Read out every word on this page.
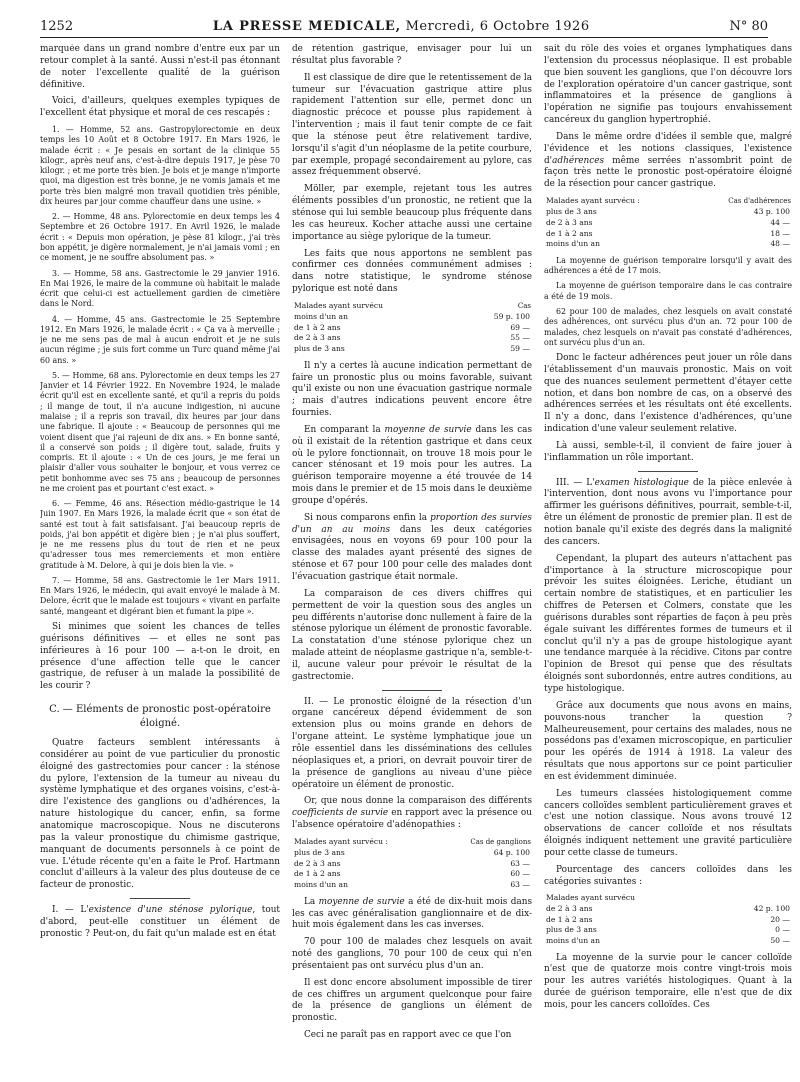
1252	LA PRESSE MEDICALE, Mercredi, 6 Octobre 1926	N° 80

marquée dans un grand nombre d'entre eux par un retour complet à la santé. Aussi n'est-il pas étonnant de noter l'excellente qualité de la guérison définitive.

Voici, d'ailleurs, quelques exemples typiques de l'excellent état physique et moral de ces rescapés :

1. — Homme, 52 ans. Gastropylorectomie en deux temps les 10 Août et 8 Octobre 1917. En Mars 1926, le malade écrit : « Je pesais en sortant de la clinique 55 kilogr., après neuf ans, c'est-à-dire depuis 1917, je pèse 70 kilogr. ; et me porte très bien. Je bois et je mange n'importe quoi, ma digestion est très bonne, je ne vomis jamais et me porte très bien malgré mon travail quotidien très pénible, dix heures par jour comme chauffeur dans une usine. »

2. — Homme, 48 ans. Pylorectomie en deux temps les 4 Septembre et 26 Octobre 1917. En Avril 1926, le malade écrit : « Depuis mon opération, je pèse 81 kilogr., j'ai très bon appétit, je digère normalement, je n'ai jamais vomi ; en ce moment, je ne souffre absolument pas. »

3. — Homme, 58 ans. Gastrectomie le 29 janvier 1916. En Mai 1926, le maire de la commune où habitait le malade écrit que celui-ci est actuellement gardien de cimetière dans le Nord.

4. — Homme, 45 ans. Gastrectomie le 25 Septembre 1912. En Mars 1926, le malade écrit : « Ça va à merveille ; je ne me sens pas de mal à aucun endroit et je ne suis aucun régime ; je suis fort comme un Turc quand même j'ai 60 ans. »

5. — Homme, 68 ans. Pylorectomie en deux temps les 27 Janvier et 14 Février 1922. En Novembre 1924, le malade écrit qu'il est en excellente santé, et qu'il a repris du poids ; il mange de tout, il n'a aucune indigestion, ni aucune malaise ; il a repris son travail, dix heures par jour dans une fabrique. Il ajoute : « Beaucoup de personnes qui me voient disent que j'ai rajeuni de dix ans. » En bonne santé, il a conservé son poids ; il digère tout, salade, fruits y compris. Et il ajoute : « Un de ces jours, je me ferai un plaisir d'aller vous souhaiter le bonjour, et vous verrez ce petit bonhomme avec ses 75 ans ; beaucoup de personnes ne me croient pas et pourtant c'est exact. »

6. — Femme, 46 ans. Résection médio-gastrique le 14 Juin 1907. En Mars 1926, la malade écrit que « son état de santé est tout à fait satisfaisant. J'ai beaucoup repris de poids, j'ai bon appétit et digère bien ; je n'ai plus souffert, je ne me ressens plus du tout de rien et ne peux qu'adresser tous mes remerciements et mon entière gratitude à M. Delore, à qui je dois bien la vie. »

7. — Homme, 58 ans. Gastrectomie le 1er Mars 1911. En Mars 1926, le médecin, qui avait envoyé le malade à M. Delore, écrit que le malade est toujours « vivant en parfaite santé, mangeant et digérant bien et fumant la pipe ».

Si minimes que soient les chances de telles guérisons définitives — et elles ne sont pas inférieures à 16 pour 100 — a-t-on le droit, en présence d'une affection telle que le cancer gastrique, de refuser à un malade la possibilité de les courir ?

C. — Eléments de pronostic post-opératoire éloigné.

Quatre facteurs semblent intéressants à considérer au point de vue particulier du pronostic éloigné des gastrectomies pour cancer : la sténose du pylore, l'extension de la tumeur au niveau du système lymphatique et des organes voisins, c'est-à-dire l'existence des ganglions ou d'adhérences, la nature histologique du cancer, enfin, sa forme anatomique macroscopique. Nous ne discuterons pas la valeur pronostique du chimisme gastrique, manquant de documents personnels à ce point de vue. L'étude récente qu'en a faite le Prof. Hartmann conclut d'ailleurs à la valeur des plus douteuse de ce facteur de pronostic.

I. — L'existence d'une sténose pylorique, tout d'abord, peut-elle constituer un élément de pronostic ? Peut-on, du fait qu'un malade est en état

de rétention gastrique, envisager pour lui un résultat plus favorable ?

Il est classique de dire que le retentissement de la tumeur sur l'évacuation gastrique attire plus rapidement l'attention sur elle, permet donc un diagnostic précoce et pousse plus rapidement à l'intervention ; mais il faut tenir compte de ce fait que la sténose peut être relativement tardive, lorsqu'il s'agit d'un néoplasme de la petite courbure, par exemple, propagé secondairement au pylore, cas assez fréquemment observé.

Möller, par exemple, rejetant tous les autres éléments possibles d'un pronostic, ne retient que la sténose qui lui semble beaucoup plus fréquente dans les cas heureux. Kocher attache aussi une certaine importance au siège pylorique de la tumeur.

Les faits que nous apportons ne semblent pas confirmer ces données communément admises : dans notre statistique, le syndrome sténose pylorique est noté dans

Malades ayant survécu	Cas
moins d'un an	59 p. 100
de 1 à 2 ans	69 —
de 2 à 3 ans	55 —
plus de 3 ans	59 —

Il n'y a certes là aucune indication permettant de faire un pronostic plus ou moins favorable, suivant qu'il existe ou non une évacuation gastrique normale ; mais d'autres indications peuvent encore être fournies.

En comparant la moyenne de survie dans les cas où il existait de la rétention gastrique et dans ceux où le pylore fonctionnait, on trouve 18 mois pour le cancer sténosant et 19 mois pour les autres. La guérison temporaire moyenne a été trouvée de 14 mois dans le premier et de 15 mois dans le deuxième groupe d'opérés.

Si nous comparons enfin la proportion des survies d'un an au moins dans les deux catégories envisagées, nous en voyons 69 pour 100 pour la classe des malades ayant présenté des signes de sténose et 67 pour 100 pour celle des malades dont l'évacuation gastrique était normale.

La comparaison de ces divers chiffres qui permettent de voir la question sous des angles un peu différents n'autorise donc nullement à faire de la sténose pylorique un élément de pronostic favorable. La constatation d'une sténose pylorique chez un malade atteint de néoplasme gastrique n'a, semble-t-il, aucune valeur pour prévoir le résultat de la gastrectomie.

II. — Le pronostic éloigné de la résection d'un organe cancéreux dépend évidemment de son extension plus ou moins grande en dehors de l'organe atteint. Le système lymphatique joue un rôle essentiel dans les disséminations des cellules néoplasiques et, a priori, on devrait pouvoir tirer de la présence de ganglions au niveau d'une pièce opératoire un élément de pronostic.

Or, que nous donne la comparaison des différents coefficients de survie en rapport avec la présence ou l'absence opératoire d'adénopathies :

Malades ayant survécu :	Cas de ganglions
plus de 3 ans	64 p. 100
de 2 à 3 ans	63 —
de 1 à 2 ans	60 —
moins d'un an	63 —

La moyenne de survie a été de dix-huit mois dans les cas avec généralisation ganglionnaire et de dix-huit mois également dans les cas inverses.

70 pour 100 de malades chez lesquels on avait noté des ganglions, 70 pour 100 de ceux qui n'en présentaient pas ont survécu plus d'un an.

Il est donc encore absolument impossible de tirer de ces chiffres un argument quelconque pour faire de la présence de ganglions un élément de pronostic.

Ceci ne paraît pas en rapport avec ce que l'on

sait du rôle des voies et organes lymphatiques dans l'extension du processus néoplasique. Il est probable que bien souvent les ganglions, que l'on découvre lors de l'exploration opératoire d'un cancer gastrique, sont inflammatoires et la présence de ganglions à l'opération ne signifie pas toujours envahissement cancéreux du ganglion hypertrophié.

Dans le même ordre d'idées il semble que, malgré l'évidence et les notions classiques, l'existence d'adhérences même serrées n'assombrit point de façon très nette le pronostic post-opératoire éloigné de la résection pour cancer gastrique.

Malades ayant survécu :	Cas d'adhérences
plus de 3 ans	43 p. 100
de 2 à 3 ans	44 —
de 1 à 2 ans	18 —
moins d'un an	48 —

La moyenne de guérison temporaire lorsqu'il y avait des adhérences a été de 17 mois.

La moyenne de guérison temporaire dans le cas contraire a été de 19 mois.

62 pour 100 de malades, chez lesquels on avait constaté des adhérences, ont survécu plus d'un an. 72 pour 100 de malades, chez lesquels on n'avait pas constaté d'adhérences, ont survécu plus d'un an.

Donc le facteur adhérences peut jouer un rôle dans l'établissement d'un mauvais pronostic. Mais on voit que des nuances seulement permettent d'étayer cette notion, et dans bon nombre de cas, on a observé des adhérences serrées et les résultats ont été excellents. Il n'y a donc, dans l'existence d'adhérences, qu'une indication d'une valeur seulement relative.

Là aussi, semble-t-il, il convient de faire jouer à l'inflammation un rôle important.

III. — L'examen histologique de la pièce enlevée à l'intervention, dont nous avons vu l'importance pour affirmer les guérisons définitives, pourrait, semble-t-il, être un élément de pronostic de premier plan. Il est de notion banale qu'il existe des degrés dans la malignité des cancers.

Cependant, la plupart des auteurs n'attachent pas d'importance à la structure microscopique pour prévoir les suites éloignées. Leriche, étudiant un certain nombre de statistiques, et en particulier les chiffres de Petersen et Colmers, constate que les guérisons durables sont réparties de façon à peu près égale suivant les différentes formes de tumeurs et il conclut qu'il n'y a pas de groupe histologique ayant une tendance marquée à la récidive. Citons par contre l'opinion de Bresot qui pense que des résultats éloignés sont subordonnés, entre autres conditions, au type histologique.

Grâce aux documents que nous avons en mains, pouvons-nous trancher la question ? Malheureusement, pour certains des malades, nous ne possédons pas d'examen microscopique, en particulier pour les opérés de 1914 à 1918. La valeur des résultats que nous apportons sur ce point particulier en est évidemment diminuée.

Les tumeurs classées histologiquement comme cancers colloïdes semblent particulièrement graves et c'est une notion classique. Nous avons trouvé 12 observations de cancer colloïde et nos résultats éloignés indiquent nettement une gravité particulière pour cette classe de tumeurs.

Pourcentage des cancers colloïdes dans les catégories suivantes :

Malades ayant survécu	
de 2 à 3 ans	42 p. 100
de 1 à 2 ans	20 —
plus de 3 ans	0 —
moins d'un an	50 —

La moyenne de la survie pour le cancer colloïde n'est que de quatorze mois contre vingt-trois mois pour les autres variétés histologiques. Quant à la durée de guérison temporaire, elle n'est que de dix mois, pour les cancers colloïdes. Ces
